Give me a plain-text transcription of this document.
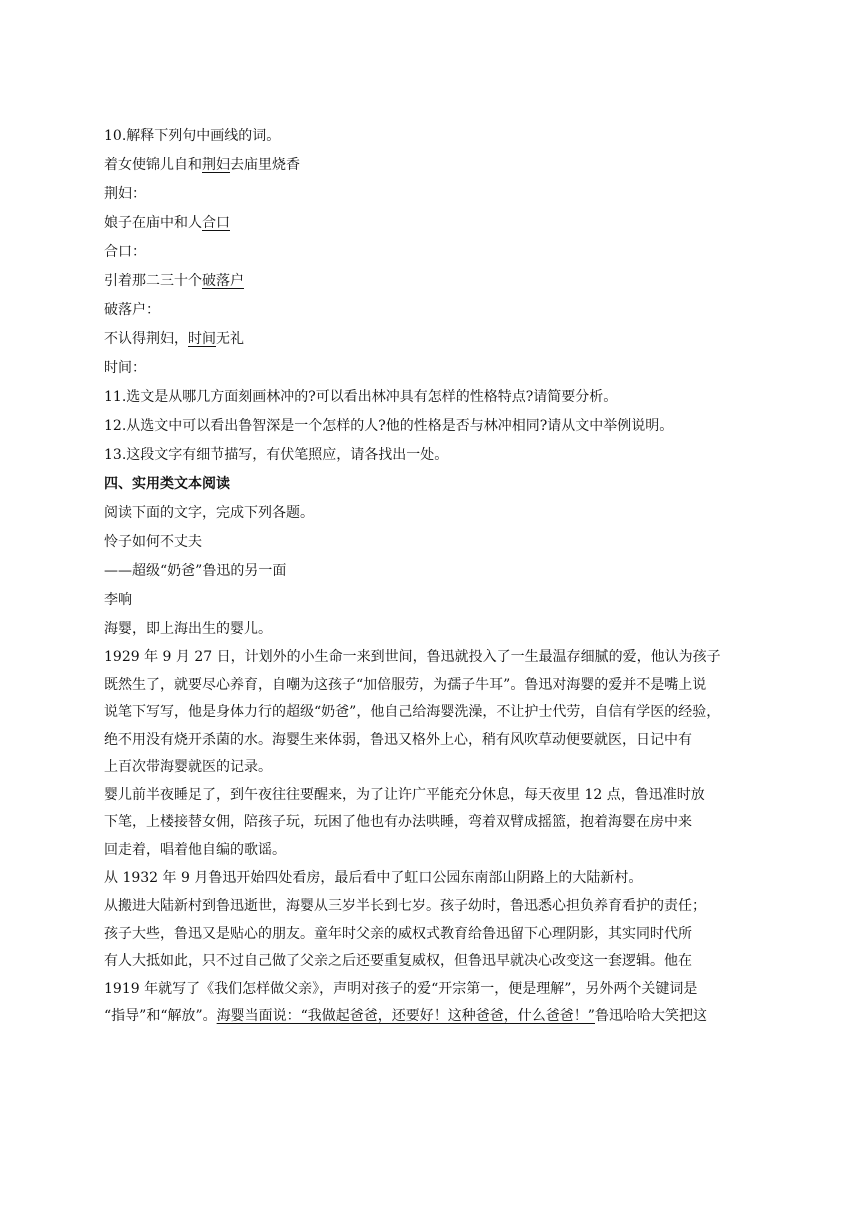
10.解释下列句中画线的词。
着女使锦儿自和荆妇去庙里烧香
荆妇：
娘子在庙中和人合口
合口：
引着那二三十个破落户
破落户：
不认得荆妇，时间无礼
时间：
11.选文是从哪几方面刻画林冲的?可以看出林冲具有怎样的性格特点?请简要分析。
12.从选文中可以看出鲁智深是一个怎样的人?他的性格是否与林冲相同?请从文中举例说明。
13.这段文字有细节描写，有伏笔照应，请各找出一处。
四、实用类文本阅读
阅读下面的文字，完成下列各题。
怜子如何不丈夫
——超级“奶爸”鲁迅的另一面
李响
海婴，即上海出生的婴儿。
1929 年 9 月 27 日，计划外的小生命一来到世间，鲁迅就投入了一生最温存细腻的爱，他认为孩子
既然生了，就要尽心养育，自嘲为这孩子“加倍服劳，为孺子牛耳”。鲁迅对海婴的爱并不是嘴上说
说笔下写写，他是身体力行的超级“奶爸”，他自己给海婴洗澡，不让护士代劳，自信有学医的经验，
绝不用没有烧开杀菌的水。海婴生来体弱，鲁迅又格外上心，稍有风吹草动便要就医，日记中有
上百次带海婴就医的记录。
婴儿前半夜睡足了，到午夜往往要醒来，为了让许广平能充分休息，每天夜里 12 点，鲁迅准时放
下笔，上楼接替女佣，陪孩子玩，玩困了他也有办法哄睡，弯着双臂成摇篮，抱着海婴在房中来
回走着，唱着他自编的歌谣。
从 1932 年 9 月鲁迅开始四处看房，最后看中了虹口公园东南部山阴路上的大陆新村。
从搬进大陆新村到鲁迅逝世，海婴从三岁半长到七岁。孩子幼时，鲁迅悉心担负养育看护的责任；
孩子大些，鲁迅又是贴心的朋友。童年时父亲的威权式教育给鲁迅留下心理阴影，其实同时代所
有人大抵如此，只不过自己做了父亲之后还要重复威权，但鲁迅早就决心改变这一套逻辑。他在
1919 年就写了《我们怎样做父亲》，声明对孩子的爱“开宗第一，便是理解”，另外两个关键词是
“指导”和“解放”。海婴当面说：“我做起爸爸，还要好！这种爸爸，什么爸爸！”鲁迅哈哈大笑把这
